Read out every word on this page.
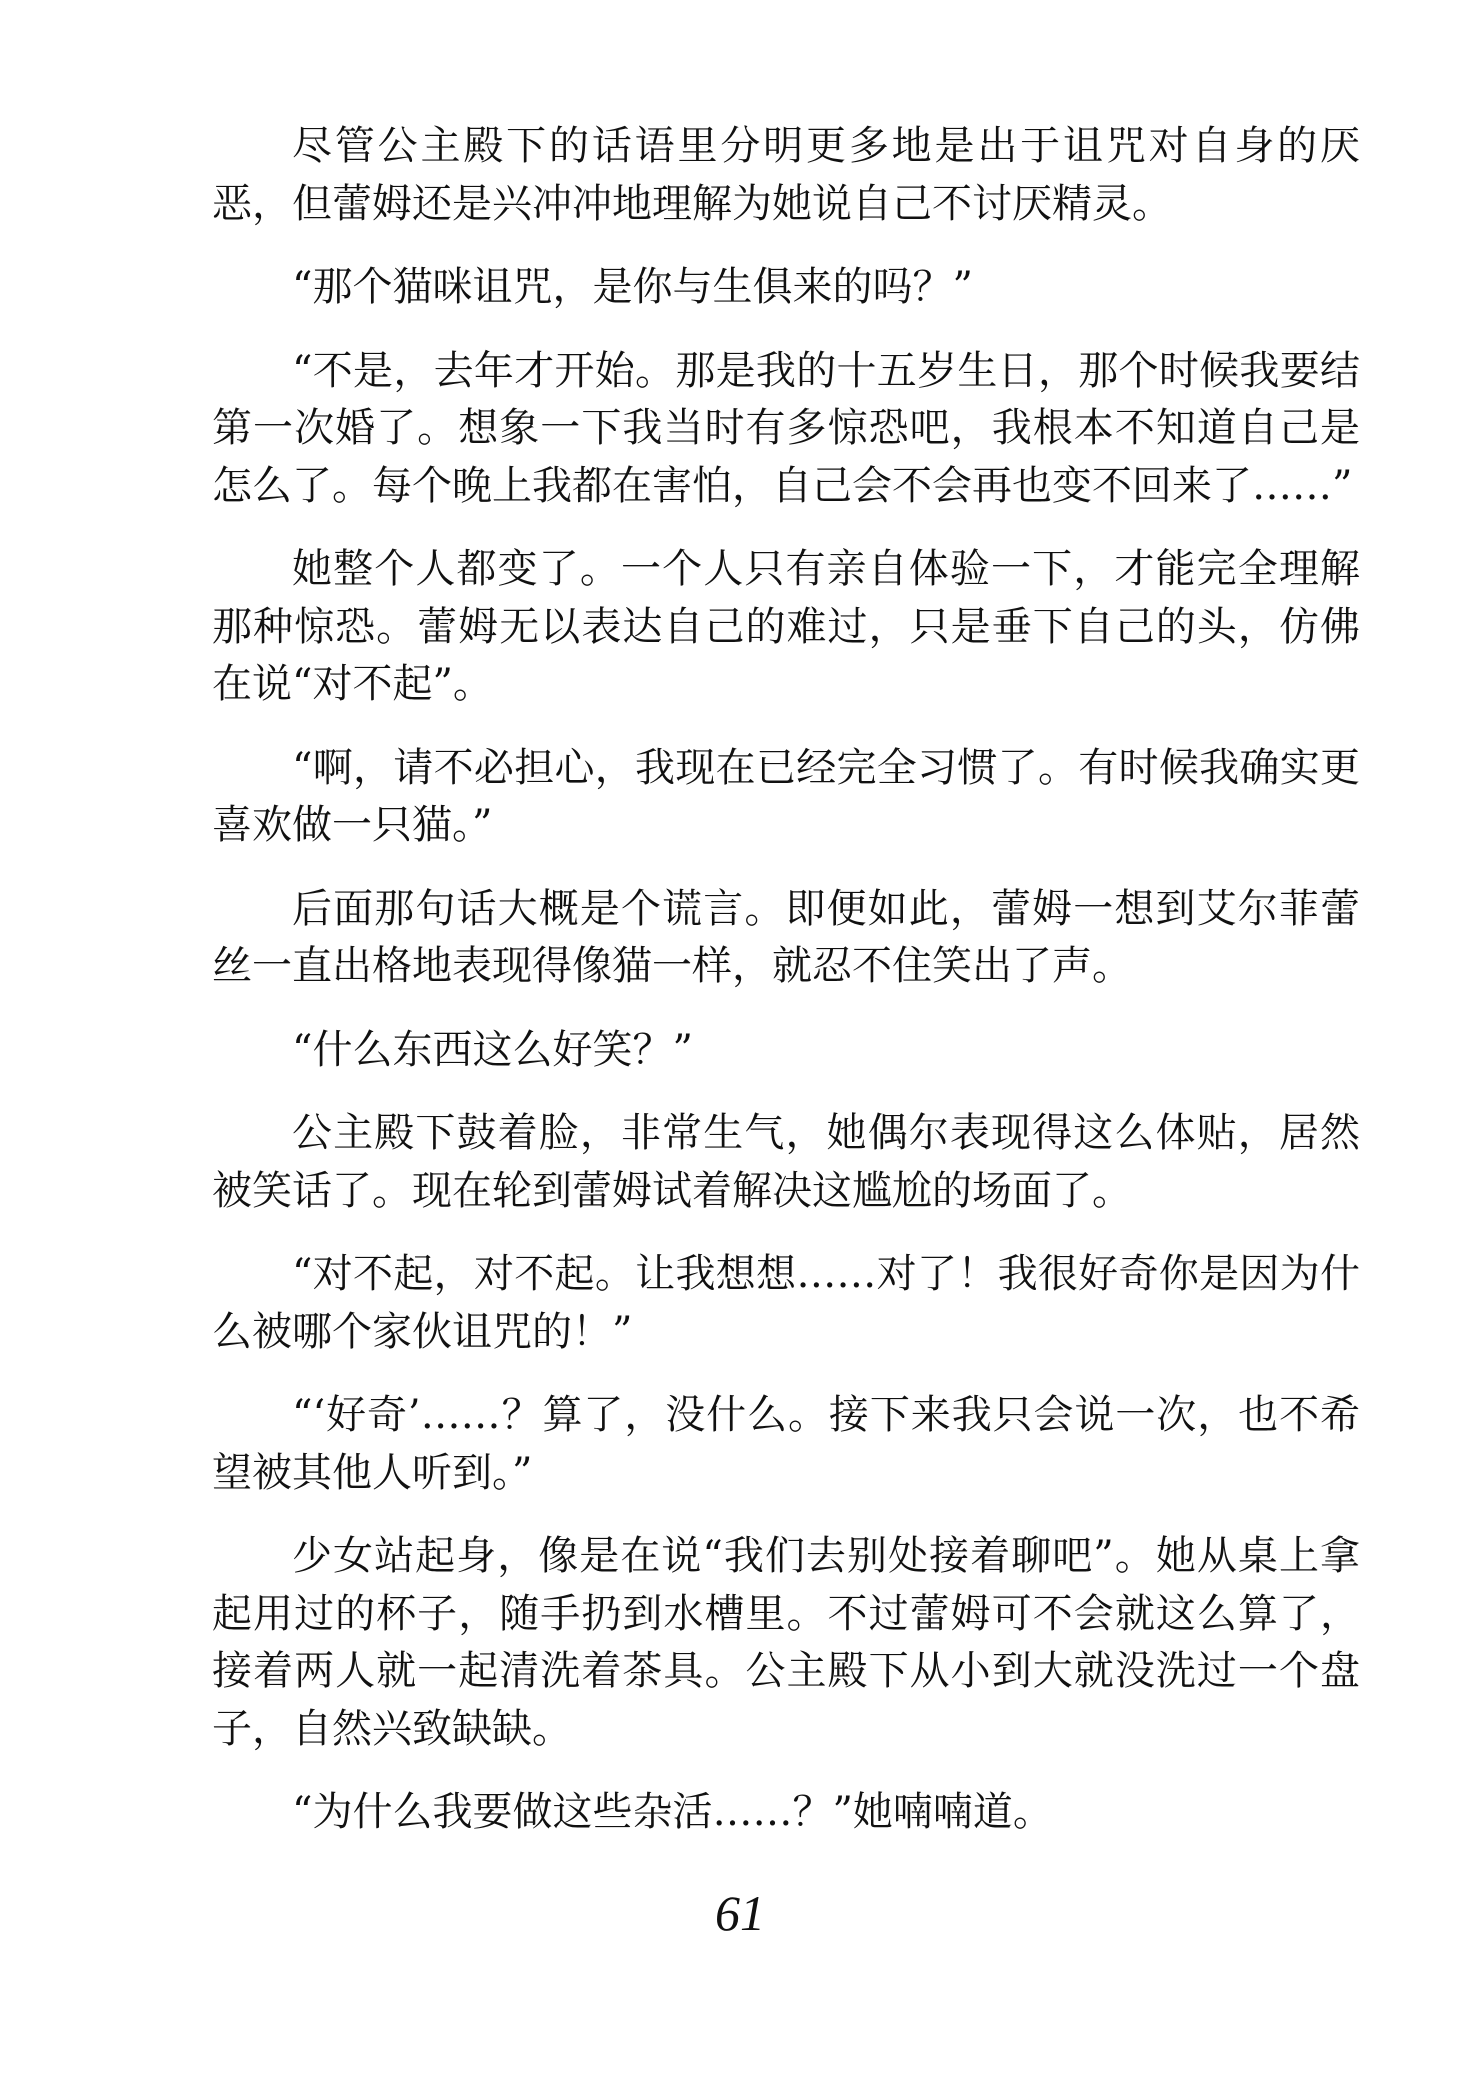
尽管公主殿下的话语里分明更多地是出于诅咒对自身的厌恶，但蕾姆还是兴冲冲地理解为她说自己不讨厌精灵。

“那个猫咪诅咒，是你与生俱来的吗？”

“不是，去年才开始。那是我的十五岁生日，那个时候我要结第一次婚了。想象一下我当时有多惊恐吧，我根本不知道自己是怎么了。每个晚上我都在害怕，自己会不会再也变不回来了……”

她整个人都变了。一个人只有亲自体验一下，才能完全理解那种惊恐。蕾姆无以表达自己的难过，只是垂下自己的头，仿佛在说“对不起”。

“啊，请不必担心，我现在已经完全习惯了。有时候我确实更喜欢做一只猫。”

后面那句话大概是个谎言。即便如此，蕾姆一想到艾尔菲蕾丝一直出格地表现得像猫一样，就忍不住笑出了声。

“什么东西这么好笑？”

公主殿下鼓着脸，非常生气，她偶尔表现得这么体贴，居然被笑话了。现在轮到蕾姆试着解决这尴尬的场面了。

“对不起，对不起。让我想想……对了！我很好奇你是因为什么被哪个家伙诅咒的！”

“‘好奇’……？算了，没什么。接下来我只会说一次，也不希望被其他人听到。”

少女站起身，像是在说“我们去别处接着聊吧”。她从桌上拿起用过的杯子，随手扔到水槽里。不过蕾姆可不会就这么算了，接着两人就一起清洗着茶具。公主殿下从小到大就没洗过一个盘子，自然兴致缺缺。

“为什么我要做这些杂活……？”她喃喃道。

61
